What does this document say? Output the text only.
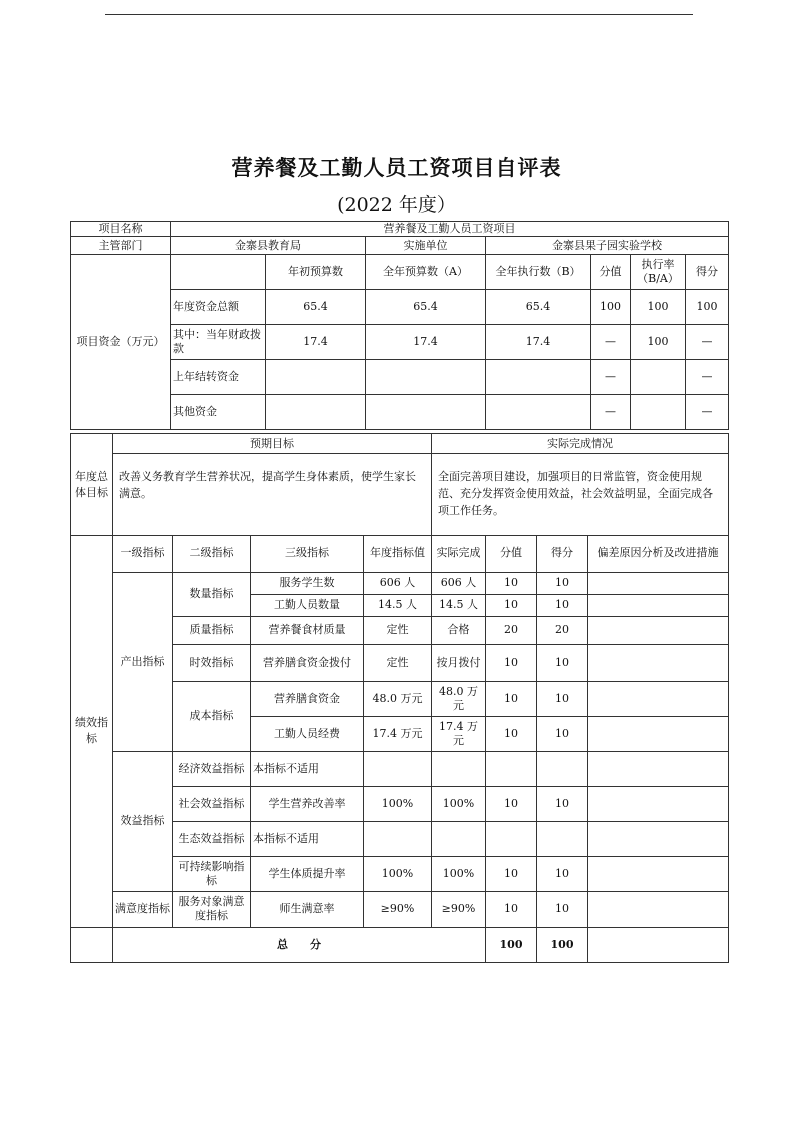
营养餐及工勤人员工资项目自评表
(2022 年度）
项目名称	营养餐及工勤人员工资项目						
主管部门	金寨县教育局		实施单位	金寨县果子园实验学校			
项目资金（万元）		年初预算数	全年预算数（A）	全年执行数（B）	分值	执行率（B/A）	得分
	年度资金总额	65.4	65.4	65.4	100	100	100
	其中：当年财政拨款	17.4	17.4	17.4	—	100	—
	上年结转资金				—		—
	其他资金				—		—
年度总体目标	预期目标	实际完成情况
	改善义务教育学生营养状况，提高学生身体素质，使学生家长满意。	全面完善项目建设，加强项目的日常监管，资金使用规范、充分发挥资金使用效益，社会效益明显，全面完成各项工作任务。
绩效指标	一级指标	二级指标	三级指标	年度指标值	实际完成	分值	得分	偏差原因分析及改进措施
	产出指标	数量指标	服务学生数	606 人	606 人	10	10	
			工勤人员数量	14.5 人	14.5 人	10	10	
		质量指标	营养餐食材质量	定性	合格	20	20	
		时效指标	营养膳食资金拨付	定性	按月拨付	10	10	
		成本指标	营养膳食资金	48.0 万元	48.0 万元	10	10	
			工勤人员经费	17.4 万元	17.4 万元	10	10	
	效益指标	经济效益指标	本指标不适用					
		社会效益指标	学生营养改善率	100%	100%	10	10	
		生态效益指标	本指标不适用					
		可持续影响指标	学生体质提升率	100%	100%	10	10	
	满意度指标	服务对象满意度指标	师生满意率	≥90%	≥90%	10	10	
	总　　分					100	100	
